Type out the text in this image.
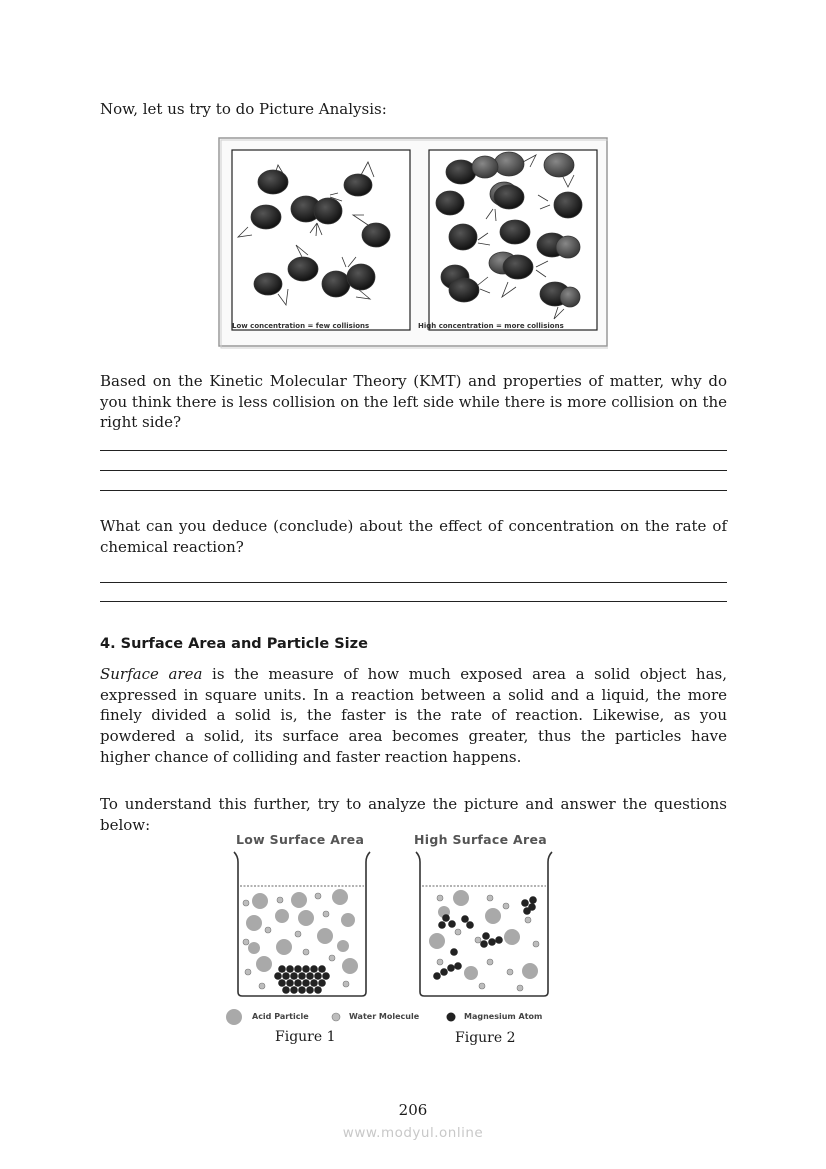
Now, let us try to do Picture Analysis:

Low concentration = few collisions	High concentration = more collisions

Based on the Kinetic Molecular Theory (KMT) and properties of matter, why do you think there is less collision on the left side while there is more collision on the right side?

What can you deduce (conclude) about the effect of concentration on the rate of chemical reaction?

4. Surface Area and Particle Size

Surface area is the measure of how much exposed area a solid object has, expressed in square units. In a reaction between a solid and a liquid, the more finely divided a solid is, the faster is the rate of reaction. Likewise, as you powdered a solid, its surface area becomes greater, thus the particles have higher chance of colliding and faster reaction happens.

To understand this further, try to analyze the picture and answer the questions below:

Low Surface Area	High Surface Area
Acid Particle	Water Molecule	Magnesium Atom
Figure 1	Figure 2
206
www.modyul.online
